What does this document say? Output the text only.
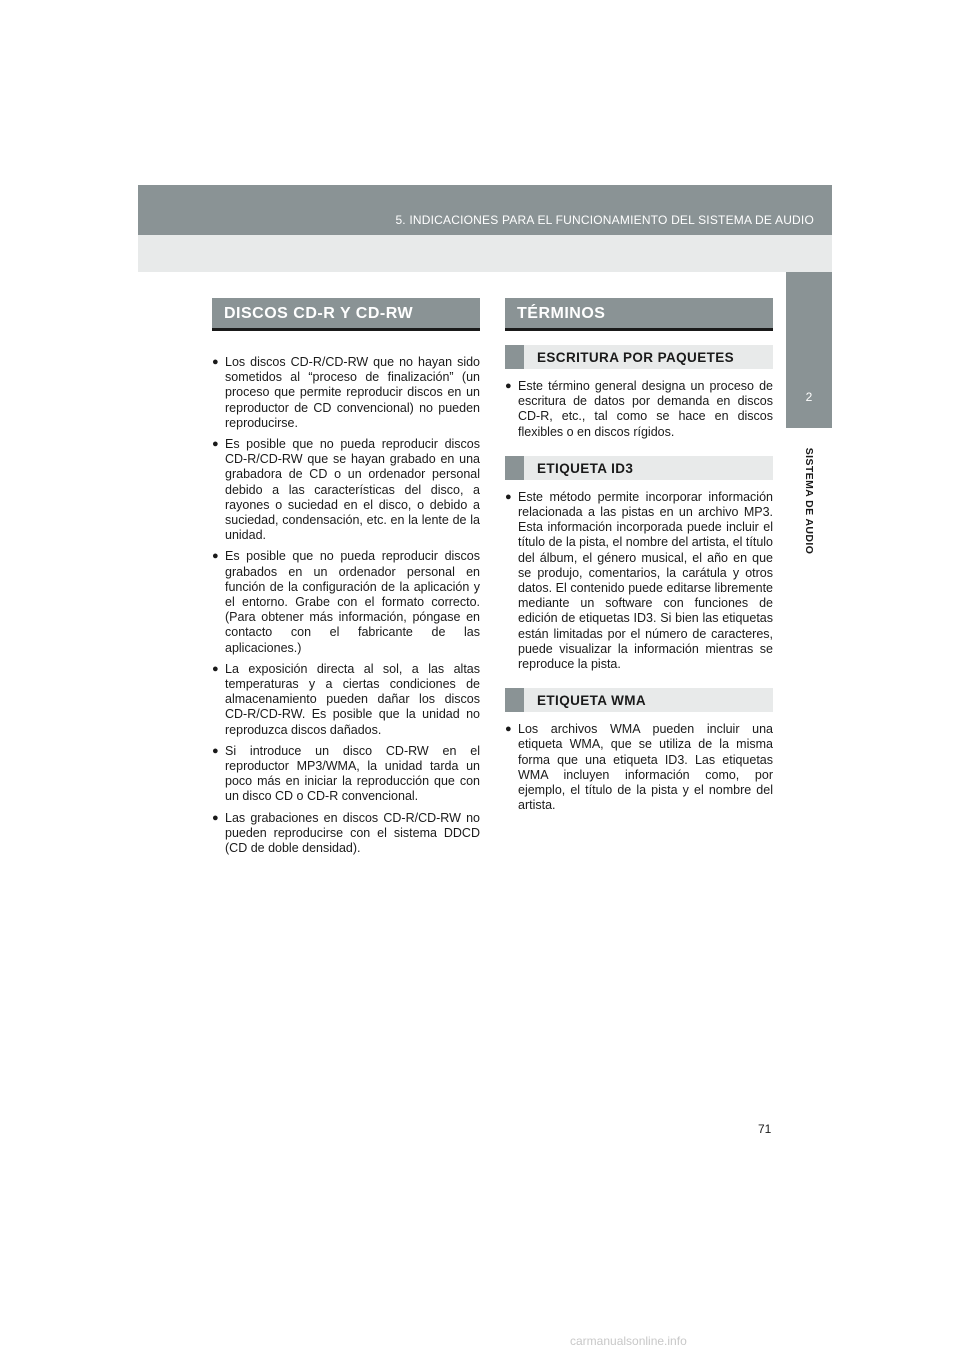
5. INDICACIONES PARA EL FUNCIONAMIENTO DEL SISTEMA DE AUDIO
2
SISTEMA DE AUDIO
DISCOS CD-R Y CD-RW
● Los discos CD-R/CD-RW que no hayan sido sometidos al “proceso de finalización” (un proceso que permite reproducir discos en un reproductor de CD convencional) no pueden reproducirse.
● Es posible que no pueda reproducir discos CD-R/CD-RW que se hayan grabado en una grabadora de CD o un ordenador personal debido a las características del disco, a rayones o suciedad en el disco, o debido a suciedad, condensación, etc. en la lente de la unidad.
● Es posible que no pueda reproducir discos grabados en un ordenador personal en función de la configuración de la aplicación y el entorno. Grabe con el formato correcto. (Para obtener más información, póngase en contacto con el fabricante de las aplicaciones.)
● La exposición directa al sol, a las altas temperaturas y a ciertas condiciones de almacenamiento pueden dañar los discos CD-R/CD-RW. Es posible que la unidad no reproduzca discos dañados.
● Si introduce un disco CD-RW en el reproductor MP3/WMA, la unidad tarda un poco más en iniciar la reproducción que con un disco CD o CD-R convencional.
● Las grabaciones en discos CD-R/CD-RW no pueden reproducirse con el sistema DDCD (CD de doble densidad).
TÉRMINOS
ESCRITURA POR PAQUETES
● Este término general designa un proceso de escritura de datos por demanda en discos CD-R, etc., tal como se hace en discos flexibles o en discos rígidos.
ETIQUETA ID3
● Este método permite incorporar información relacionada a las pistas en un archivo MP3. Esta información incorporada puede incluir el título de la pista, el nombre del artista, el título del álbum, el género musical, el año en que se produjo, comentarios, la carátula y otros datos. El contenido puede editarse libremente mediante un software con funciones de edición de etiquetas ID3. Si bien las etiquetas están limitadas por el número de caracteres, puede visualizar la información mientras se reproduce la pista.
ETIQUETA WMA
● Los archivos WMA pueden incluir una etiqueta WMA, que se utiliza de la misma forma que una etiqueta ID3. Las etiquetas WMA incluyen información como, por ejemplo, el título de la pista y el nombre del artista.
71
carmanualsonline.info
